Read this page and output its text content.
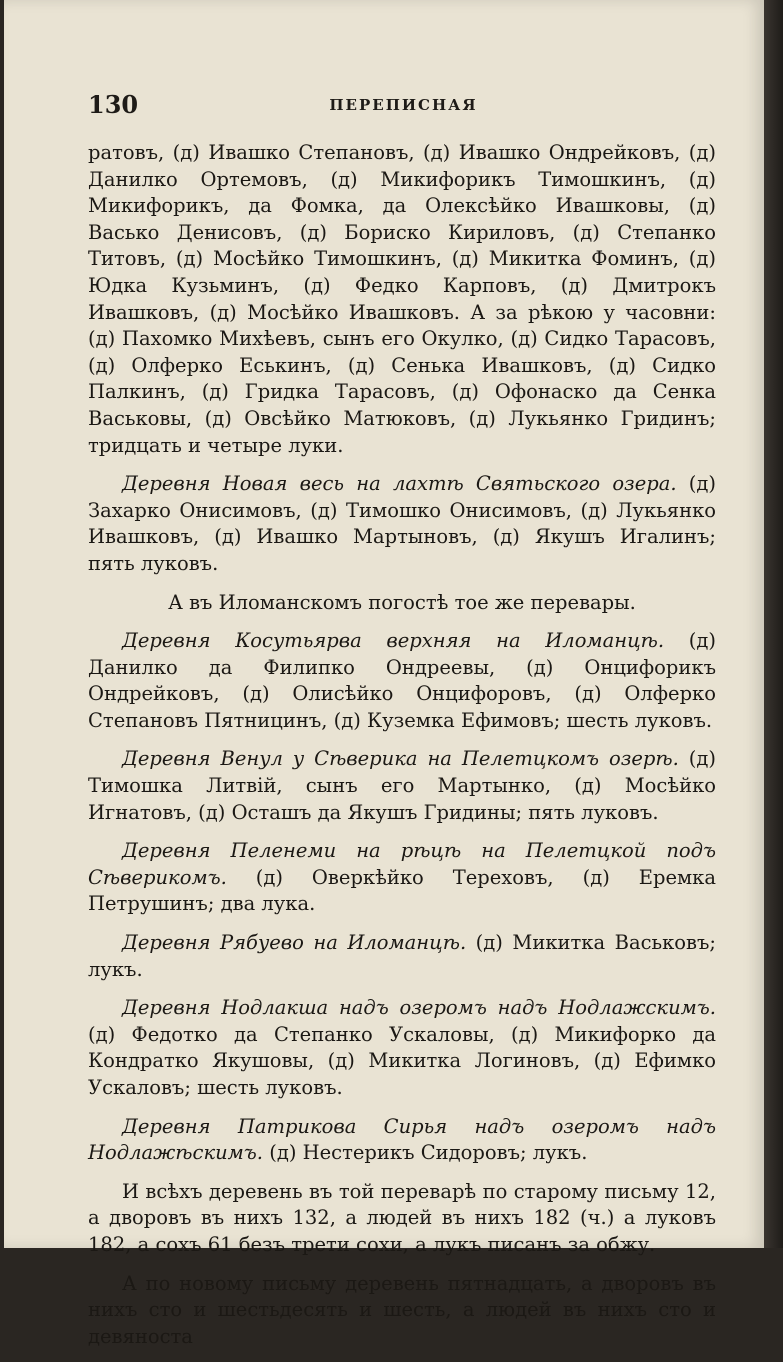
130	ПЕРЕПИСНАЯ

ратовъ, (д) Ивашко Степановъ, (д) Ивашко Ондрейковъ, (д) Данилко Ортемовъ, (д) Микифорикъ Тимошкинъ, (д) Микифорикъ, да Фомка, да Олексѣйко Ивашковы, (д) Васько Денисовъ, (д) Бориско Кириловъ, (д) Степанко Титовъ, (д) Мосѣйко Тимошкинъ, (д) Микитка Фоминъ, (д) Юдка Кузьминъ, (д) Федко Карповъ, (д) Дмитрокъ Ивашковъ, (д) Мосѣйко Ивашковъ. А за рѣкою у часовни: (д) Пахомко Михѣевъ, сынъ его Окулко, (д) Сидко Тарасовъ, (д) Олферко Еськинъ, (д) Сенька Ивашковъ, (д) Сидко Палкинъ, (д) Гридка Тарасовъ, (д) Офонаско да Сенка Васьковы, (д) Овсѣйко Матюковъ, (д) Лукьянко Гридинъ; тридцать и четыре луки.

Деревня Новая весь на лахтѣ Святьского озера. (д) Захарко Онисимовъ, (д) Тимошко Онисимовъ, (д) Лукьянко Ивашковъ, (д) Ивашко Мартыновъ, (д) Якушъ Игалинъ; пять луковъ.

А въ Иломанскомъ погостѣ тое же перевары.

Деревня Косутьярва верхняя на Иломанцѣ. (д) Данилко да Филипко Ондреевы, (д) Онцифорикъ Ондрейковъ, (д) Олисѣйко Онцифоровъ, (д) Олферко Степановъ Пятницинъ, (д) Куземка Ефимовъ; шесть луковъ.

Деревня Венул у Сѣверика на Пелетцкомъ озерѣ. (д) Тимошка Литвій, сынъ его Мартынко, (д) Мосѣйко Игнатовъ, (д) Осташъ да Якушъ Гридины; пять луковъ.

Деревня Пеленеми на рѣцѣ на Пелетцкой подъ Сѣверикомъ. (д) Оверкѣйко Тереховъ, (д) Еремка Петрушинъ; два лука.

Деревня Рябуево на Иломанцѣ. (д) Микитка Васьковъ; лукъ.

Деревня Нодлакша надъ озеромъ надъ Нодлажскимъ. (д) Федотко да Степанко Ускаловы, (д) Микифорко да Кондратко Якушовы, (д) Микитка Логиновъ, (д) Ефимко Ускаловъ; шесть луковъ.

Деревня Патрикова Сирья надъ озеромъ надъ Нодлажѣскимъ. (д) Нестерикъ Сидоровъ; лукъ.

И всѣхъ деревень въ той переварѣ по старому письму 12, а дворовъ въ нихъ 132, а людей въ нихъ 182 (ч.) а луковъ 182, а сохъ 61 безъ трети сохи, а лукъ писанъ за обжу.

А по новому письму деревень пятнадцать, а дворовъ въ нихъ сто и шестьдесять и шесть, а людей въ нихъ сто и девяноста
